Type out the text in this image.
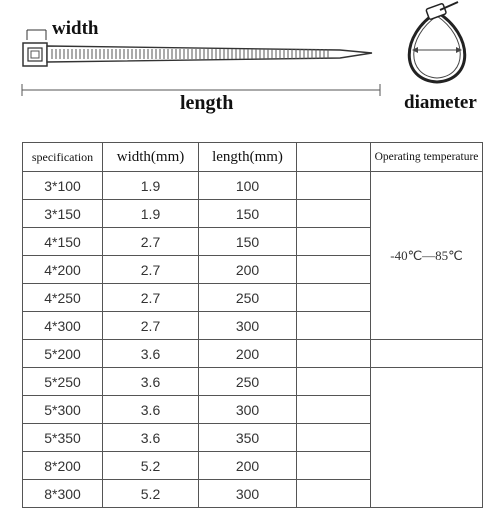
width
length	diameter
specification	width(mm)	length(mm)		Operating temperature
3*100	1.9	100		-40℃—85℃
3*150	1.9	150		
4*150	2.7	150		
4*200	2.7	200		
4*250	2.7	250		
4*300	2.7	300		
5*200	3.6	200		
5*250	3.6	250		
5*300	3.6	300		
5*350	3.6	350		
8*200	5.2	200		
8*300	5.2	300		
